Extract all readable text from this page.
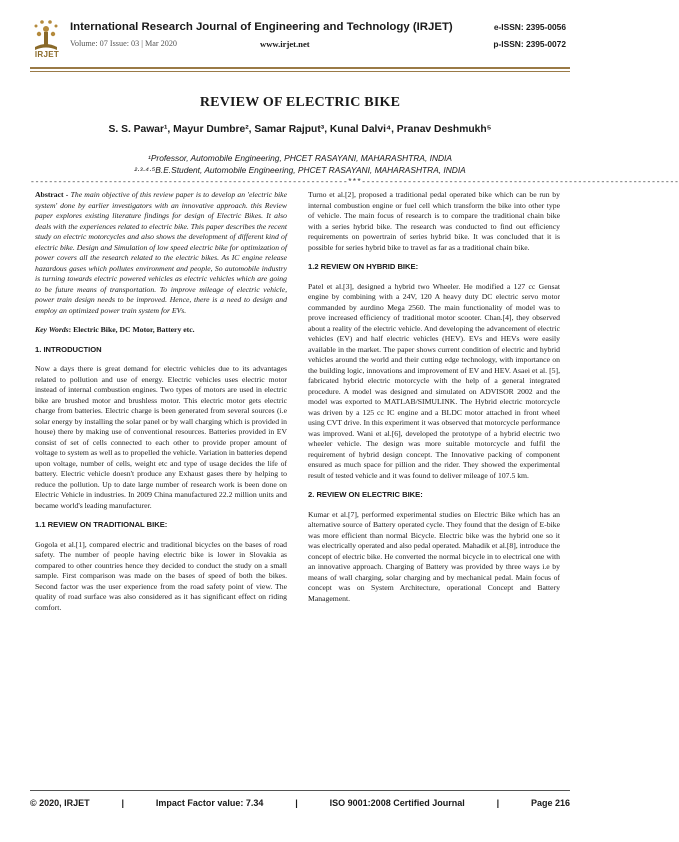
IRJET
International Research Journal of Engineering and Technology (IRJET)	e-ISSN: 2395-0056
Volume: 07 Issue: 03 | Mar 2020	www.irjet.net	p-ISSN: 2395-0072
REVIEW OF ELECTRIC BIKE
S. S. Pawar¹, Mayur Dumbre², Samar Rajput³, Kunal Dalvi⁴, Pranav Deshmukh⁵
¹Professor, Automobile Engineering, PHCET RASAYANI, MAHARASHTRA, INDIA
²·³·⁴·⁵B.E.Student, Automobile Engineering, PHCET RASAYANI, MAHARASHTRA, INDIA
---------------------------------------------------------------------***---------------------------------------------------------------------

Abstract - The main objective of this review paper is to develop an 'electric bike system' done by earlier investigators with an innovative approach. this Review paper explores existing literature findings for design of Electric Bikes. It also deals with the experiences related to electric bike. This paper describes the recent study on electric motorcycles and also shows the development of different kind of electric bike. Design and Simulation of low speed electric bike for optimization of power covers all the research related to the electric bikes. As IC engine release hazardous gases which pollutes environment and people, So automobile industry is turning towards electric powered vehicles as electric vehicles which are going to be future means of transportation. To improve mileage of electric vehicle, power train design needs to be improved. Hence, there is a need to design and employ an optimized power train system for EVs.

Key Words: Electric Bike, DC Motor, Battery etc.

1. INTRODUCTION

Now a days there is great demand for electric vehicles due to its advantages related to pollution and use of energy. Electric vehicles uses electric motor instead of internal combustion engines. Two types of motors are used in electric bike are brushed motor and brushless motor. This electric motor gets electric charge from batteries. Electric charge is been generated from several sources (i.e solar energy by installing the solar panel or by wall charging which is provided in house) there by making use of conventional resources. Batteries provided in EV consist of set of cells connected to each other to provide proper amount of voltage to system as well as to propelled the vehicle. Variation in batteries depend upon voltage, number of cells, weight etc and type of usage decides the life of battery. Electric vehicle doesn't produce any Exhaust gases there by helping to reduce the pollution. Up to date large number of research work is been done on Electric Vehicle in industries. In 2009 China manufactured 22.2 million units and became world's leading manufacturer.

1.1 REVIEW ON TRADITIONAL BIKE:

Gogola et al.[1], compared electric and traditional bicycles on the bases of road safety. The number of people having electric bike is lower in Slovakia as compared to other countries hence they decided to conduct the study on a small sample. First comparison was made on the bases of speed of both the bikes. Second factor was the user experience from the road safety point of view. The quality of road surface was also considered as it has significant effect on riding comfort.

Turno et al.[2], proposed a traditional pedal operated bike which can be run by internal combustion engine or fuel cell which transform the bike into other type of vehicle. The main focus of research is to compare the traditional chain bike with a series hybrid bike. The research was conducted to find out efficiency requirements on powertrain of series hybrid bike. It was concluded that it is possible for series hybrid bike to travel as far as a traditional chain bike.

1.2 REVIEW ON HYBRID BIKE:

Patel et al.[3], designed a hybrid two Wheeler. He modified a 127 cc Gensat engine by combining with a 24V, 120 A heavy duty DC electric servo motor commanded by aurdino Mega 2560. The main functionality of model was to prove increased efficiency of traditional motor scooter. Chan.[4], they observed about a reality of the electric vehicle. And developing the advancement of electric vehicles (EV) and half electric vehicles (HEV). EVs and HEVs were easily available in the market. The paper shows current condition of electric and hybrid vehicles around the world and their cutting edge technology, with importance on the building logic, innovations and improvement of EV and HEV. Asaei et al. [5], fabricated hybrid electric motorcycle with the help of a general integrated procedure. A model was designed and simulated on ADVISOR 2002 and the model was exported to MATLAB/SIMULINK. The Hybrid electric motorcycle was driven by a 125 cc IC engine and a BLDC motor attached in front wheel using CVT drive. In this experiment it was observed that motorcycle performance was improved. Wani et al.[6], developed the prototype of a hybrid electric two wheeler vehicle. The design was more suitable motorcycle and fulfil the requirement of hybrid design concept. The Innovative packing of component ensured as much space for pillion and the rider. They showed the experimental result of tested vehicle and it was found to deliver mileage of 107.5 km.

2. REVIEW ON ELECTRIC BIKE:

Kumar et al.[7], performed experimental studies on Electric Bike which has an alternative source of Battery operated cycle. They found that the design of E-bike was more efficient than normal Bicycle. Electric bike was the hybrid one so it was electrically operated and also pedal operated. Mahadik et al.[8], introduce the concept of electric bike. He converted the normal bicycle in to electrical one with an innovative approach. Charging of Battery was provided by three ways i.e by means of wall charging, solar charging and by mechanical pedal. Main focus of concept was on System Architecture, operational Concept and Battery Management.

© 2020, IRJET	|	Impact Factor value: 7.34	|	ISO 9001:2008 Certified Journal	|	Page 216
